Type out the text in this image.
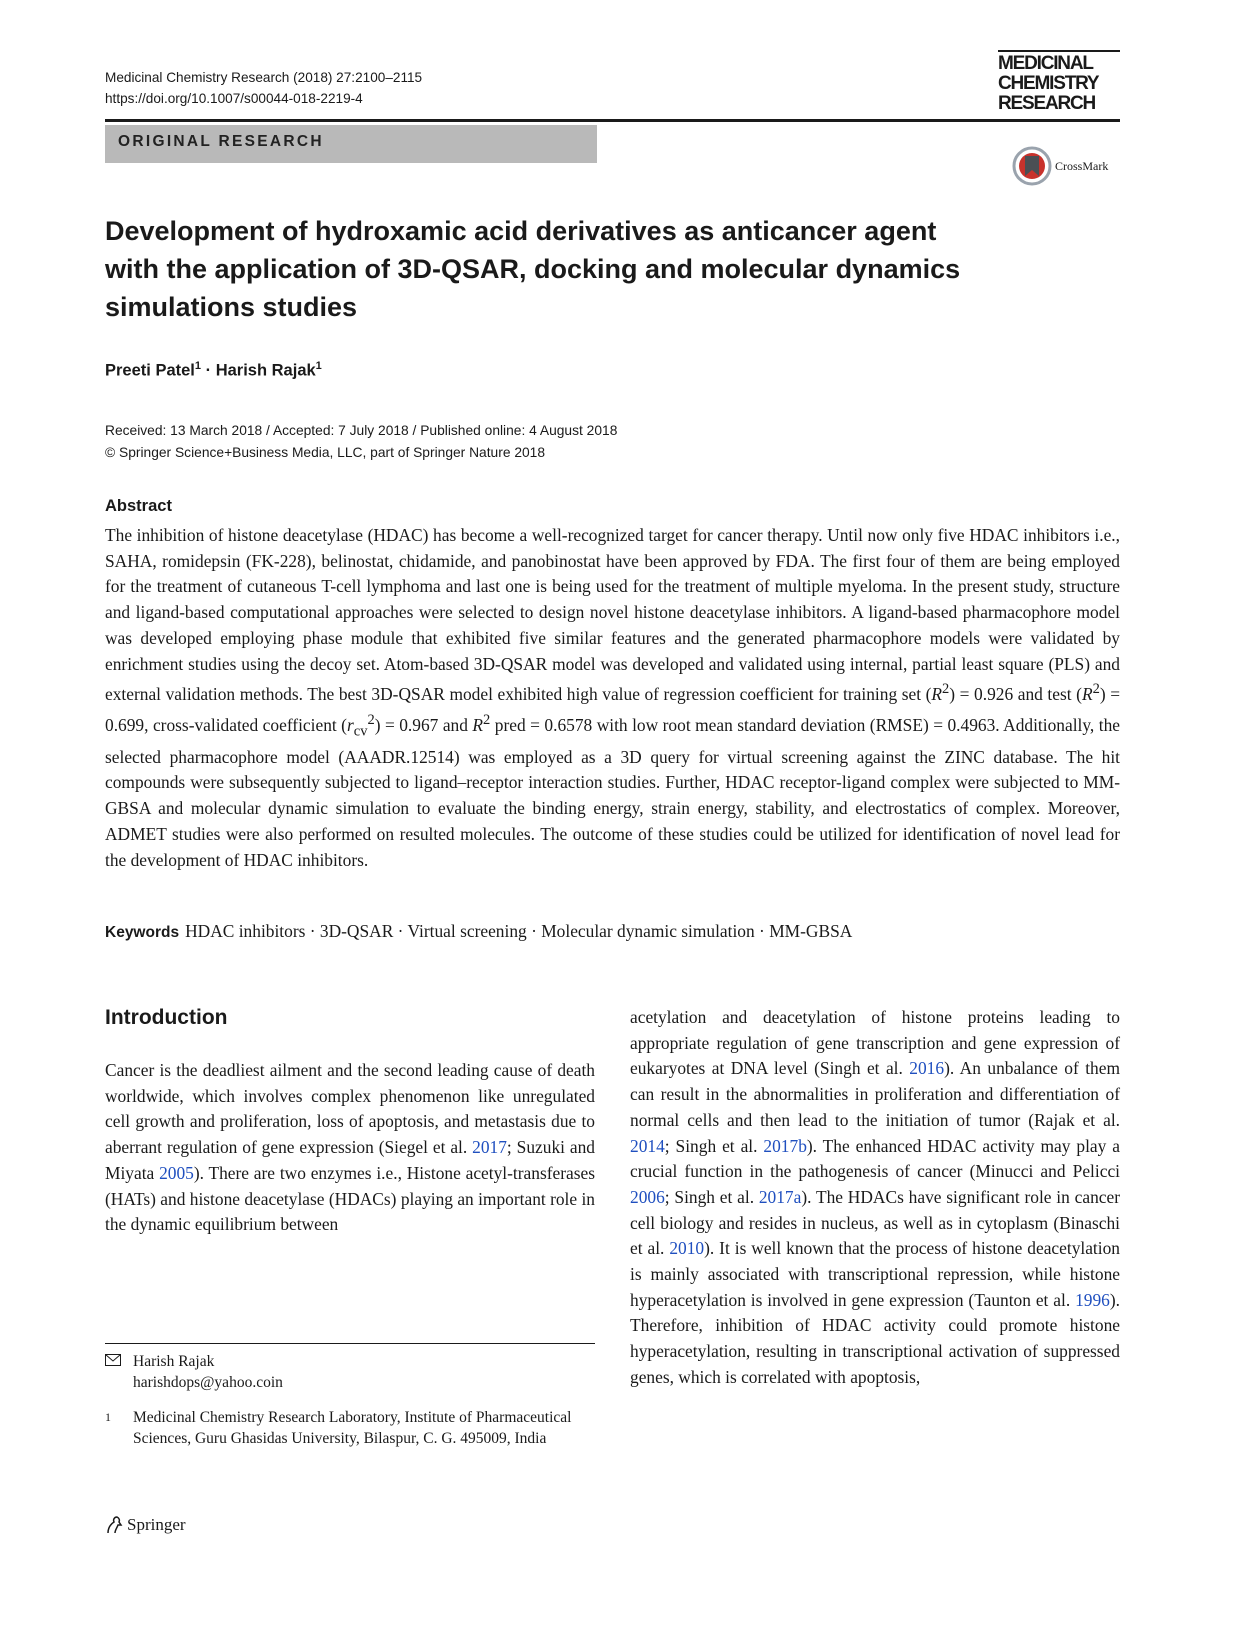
Medicinal Chemistry Research (2018) 27:2100–2115
https://doi.org/10.1007/s00044-018-2219-4
MEDICINAL
CHEMISTRY
RESEARCH
ORIGINAL RESEARCH
CrossMark
Development of hydroxamic acid derivatives as anticancer agent
with the application of 3D-QSAR, docking and molecular dynamics
simulations studies
Preeti Patel$^1$ · Harish Rajak$^1$
Received: 13 March 2018 / Accepted: 7 July 2018 / Published online: 4 August 2018
© Springer Science+Business Media, LLC, part of Springer Nature 2018
Abstract
The inhibition of histone deacetylase (HDAC) has become a well-recognized target for cancer therapy. Until now only five HDAC inhibitors i.e., SAHA, romidepsin (FK-228), belinostat, chidamide, and panobinostat have been approved by FDA. The first four of them are being employed for the treatment of cutaneous T-cell lymphoma and last one is being used for the treatment of multiple myeloma. In the present study, structure and ligand-based computational approaches were selected to design novel histone deacetylase inhibitors. A ligand-based pharmacophore model was developed employing phase module that exhibited five similar features and the generated pharmacophore models were validated by enrichment studies using the decoy set. Atom-based 3D-QSAR model was developed and validated using internal, partial least square (PLS) and external validation methods. The best 3D-QSAR model exhibited high value of regression coefficient for training set $(R^2) = 0.926$ and test $(R^2) = 0.699$, cross-validated coefficient $(r_{cv}^2) = 0.967$ and $R^2$ pred = 0.6578 with low root mean standard deviation (RMSE) = 0.4963. Additionally, the selected pharmacophore model (AAADR.12514) was employed as a 3D query for virtual screening against the ZINC database. The hit compounds were subsequently subjected to ligand–receptor interaction studies. Further, HDAC receptor-ligand complex were subjected to MM-GBSA and molecular dynamic simulation to evaluate the binding energy, strain energy, stability, and electrostatics of complex. Moreover, ADMET studies were also performed on resulted molecules. The outcome of these studies could be utilized for identification of novel lead for the development of HDAC inhibitors.
Keywords HDAC inhibitors · 3D-QSAR · Virtual screening · Molecular dynamic simulation · MM-GBSA
Introduction
Cancer is the deadliest ailment and the second leading cause of death worldwide, which involves complex phenomenon like unregulated cell growth and proliferation, loss of apoptosis, and metastasis due to aberrant regulation of gene expression (Siegel et al. 2017; Suzuki and Miyata 2005). There are two enzymes i.e., Histone acetyl-transferases (HATs) and histone deacetylase (HDACs) playing an important role in the dynamic equilibrium between
acetylation and deacetylation of histone proteins leading to appropriate regulation of gene transcription and gene expression of eukaryotes at DNA level (Singh et al. 2016). An unbalance of them can result in the abnormalities in proliferation and differentiation of normal cells and then lead to the initiation of tumor (Rajak et al. 2014; Singh et al. 2017b). The enhanced HDAC activity may play a crucial function in the pathogenesis of cancer (Minucci and Pelicci 2006; Singh et al. 2017a). The HDACs have significant role in cancer cell biology and resides in nucleus, as well as in cytoplasm (Binaschi et al. 2010). It is well known that the process of histone deacetylation is mainly associated with transcriptional repression, while histone hyperacetylation is involved in gene expression (Taunton et al. 1996). Therefore, inhibition of HDAC activity could promote histone hyperacetylation, resulting in transcriptional activation of suppressed genes, which is correlated with apoptosis,
Harish Rajak
harishdops@yahoo.coin
1	Medicinal Chemistry Research Laboratory, Institute of Pharmaceutical Sciences, Guru Ghasidas University, Bilaspur, C. G. 495009, India
Springer
